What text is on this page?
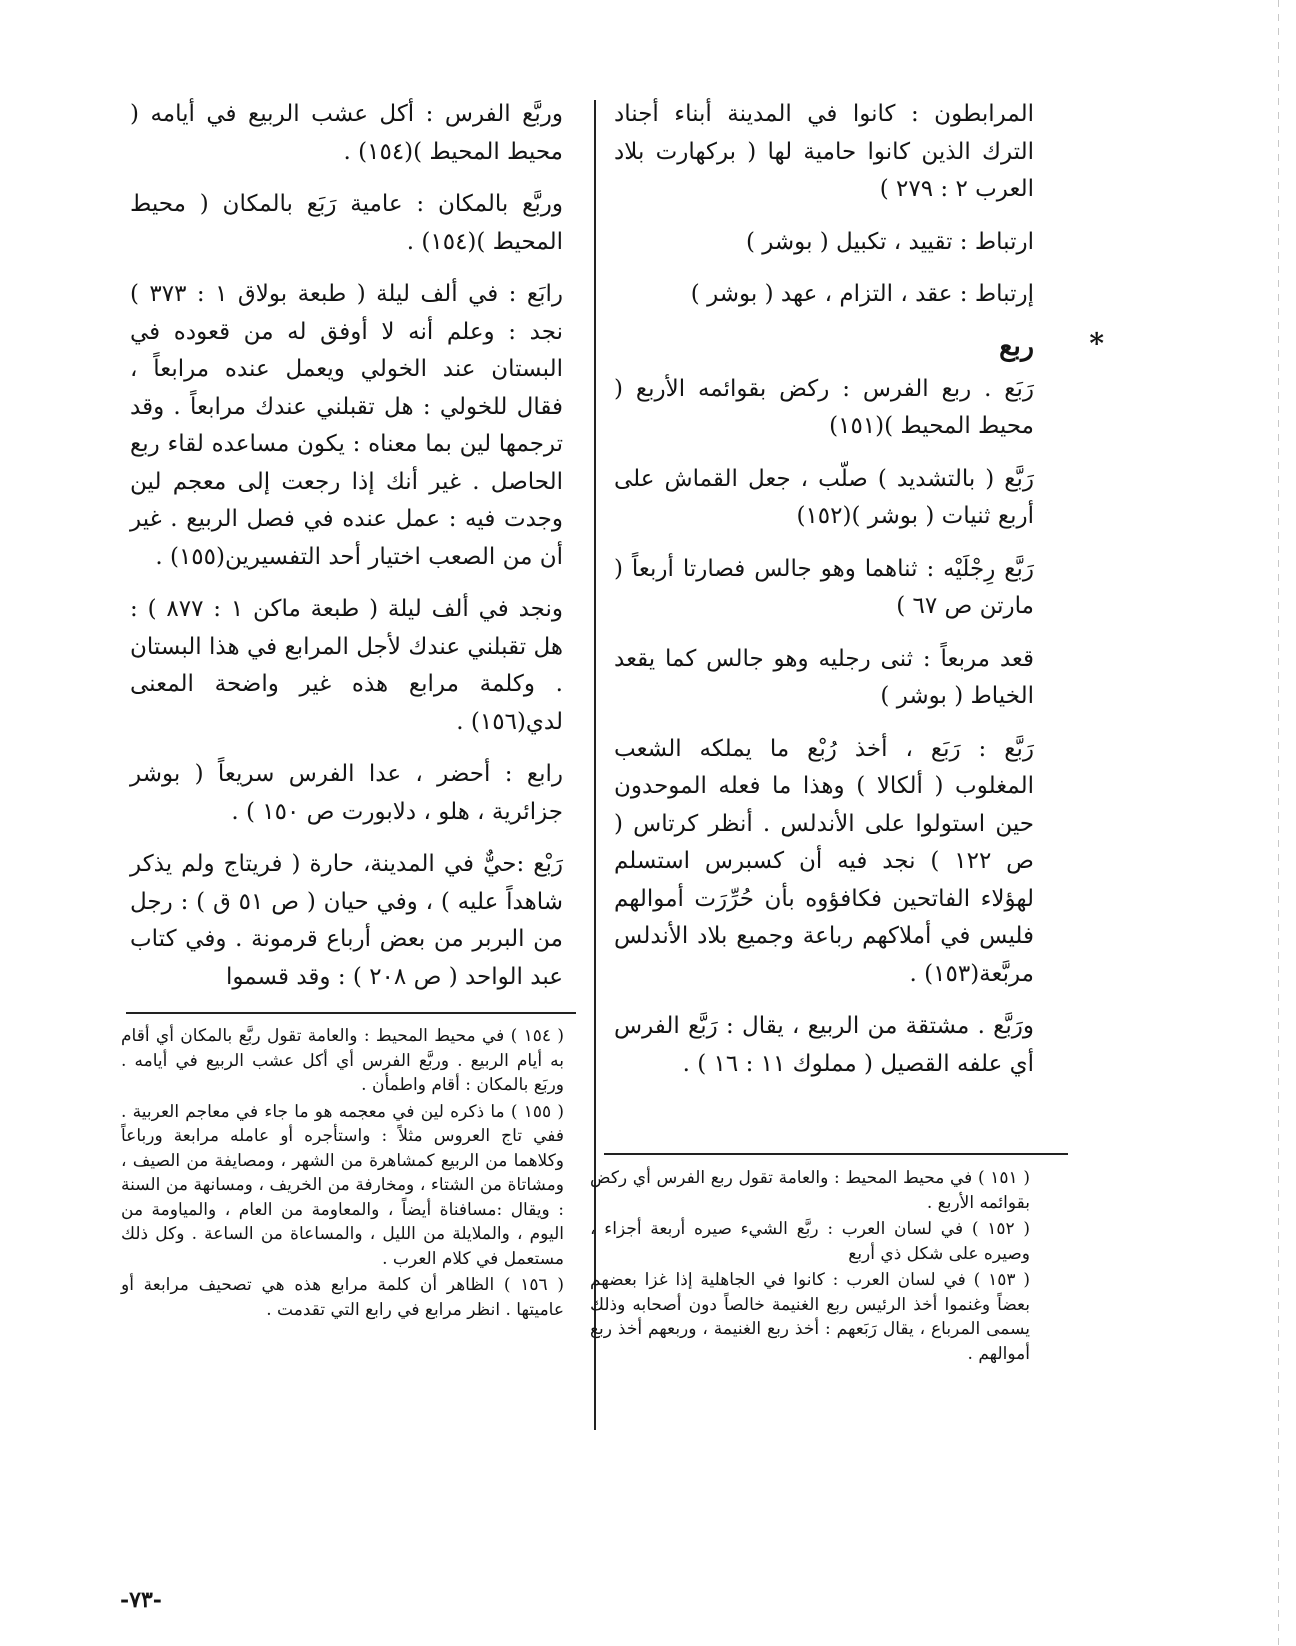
المرابطون : كانوا في المدينة أبناء أجناد الترك الذين كانوا حامية لها ( بركهارت بلاد العرب ٢ : ٢٧٩ )

ارتباط : تقييد ، تكبيل ( بوشر )

إرتباط : عقد ، التزام ، عهد ( بوشر )

*
ربع

رَبَع . ربع الفرس : ركض بقوائمه الأربع ( محيط المحيط )(١٥١)

رَبَّع ( بالتشديد ) صلّب ، جعل القماش على أربع ثنيات ( بوشر )(١٥٢)

رَبَّع رِجْلَيْه : ثناهما وهو جالس فصارتا أربعاً ( مارتن ص ٦٧ )

قعد مربعاً : ثنى رجليه وهو جالس كما يقعد الخياط ( بوشر )

رَبَّع : رَبَع ، أخذ رُبْع ما يملكه الشعب المغلوب ( ألكالا ) وهذا ما فعله الموحدون حين استولوا على الأندلس . أنظر كرتاس ( ص ١٢٢ ) نجد فيه أن كسبرس استسلم لهؤلاء الفاتحين فكافؤوه بأن حُرِّرَت أموالهم فليس في أملاكهم رباعة وجميع بلاد الأندلس مربَّعة(١٥٣) .

ورَبَّع . مشتقة من الربيع ، يقال : رَبَّع الفرس أي علفه القصيل ( مملوك ١١ : ١٦ ) .

وربَّع الفرس : أكل عشب الربيع في أيامه ( محيط المحيط )(١٥٤) .

وربَّع بالمكان : عامية رَبَع بالمكان ( محيط المحيط )(١٥٤) .

رابَع : في ألف ليلة ( طبعة بولاق ١ : ٣٧٣ ) نجد : وعلم أنه لا أوفق له من قعوده في البستان عند الخولي ويعمل عنده مرابعاً ، فقال للخولي : هل تقبلني عندك مرابعاً . وقد ترجمها لين بما معناه : يكون مساعده لقاء ربع الحاصل . غير أنك إذا رجعت إلى معجم لين وجدت فيه : عمل عنده في فصل الربيع . غير أن من الصعب اختيار أحد التفسيرين(١٥٥) .

ونجد في ألف ليلة ( طبعة ماكن ١ : ٨٧٧ ) : هل تقبلني عندك لأجل المرابع في هذا البستان . وكلمة مرابع هذه غير واضحة المعنى لدي(١٥٦) .

رابع : أحضر ، عدا الفرس سريعاً ( بوشر جزائرية ، هلو ، دلابورت ص ١٥٠ ) .

رَبْع :حيٌّ في المدينة، حارة ( فريتاج ولم يذكر شاهداً عليه ) ، وفي حيان ( ص ٥١ ق ) : رجل من البربر من بعض أرباع قرمونة . وفي كتاب عبد الواحد ( ص ٢٠٨ ) : وقد قسموا

( ١٥٤ ) في محيط المحيط : والعامة تقول ربَّع بالمكان أي أقام به أيام الربيع . وربَّع الفرس أي أكل عشب الربيع في أيامه . وربَع بالمكان : أقام واطمأن .

( ١٥٥ ) ما ذكره لين في معجمه هو ما جاء في معاجم العربية . ففي تاج العروس مثلاً : واستأجره أو عامله مرابعة ورباعاً وكلاهما من الربيع كمشاهرة من الشهر ، ومصايفة من الصيف ، ومشاتاة من الشتاء ، ومخارفة من الخريف ، ومسانهة من السنة : ويقال :مسافناة أيضاً ، والمعاومة من العام ، والمياومة من اليوم ، والملايلة من الليل ، والمساعاة من الساعة . وكل ذلك مستعمل في كلام العرب .

( ١٥٦ ) الظاهر أن كلمة مرابع هذه هي تصحيف مرابعة أو عاميتها . انظر مرابع في رابع التي تقدمت .

( ١٥١ ) في محيط المحيط : والعامة تقول ربع الفرس أي ركض بقوائمه الأربع .

( ١٥٢ ) في لسان العرب : ربَّع الشيء صيره أربعة أجزاء ، وصيره على شكل ذي أربع

( ١٥٣ ) في لسان العرب : كانوا في الجاهلية إذا غزا بعضهم بعضاً وغنموا أخذ الرئيس ربع الغنيمة خالصاً دون أصحابه وذلك يسمى المرباع ، يقال رَبَعهم : أخذ ربع الغنيمة ، وربعهم أخذ ربع أموالهم .

-٧٣-
